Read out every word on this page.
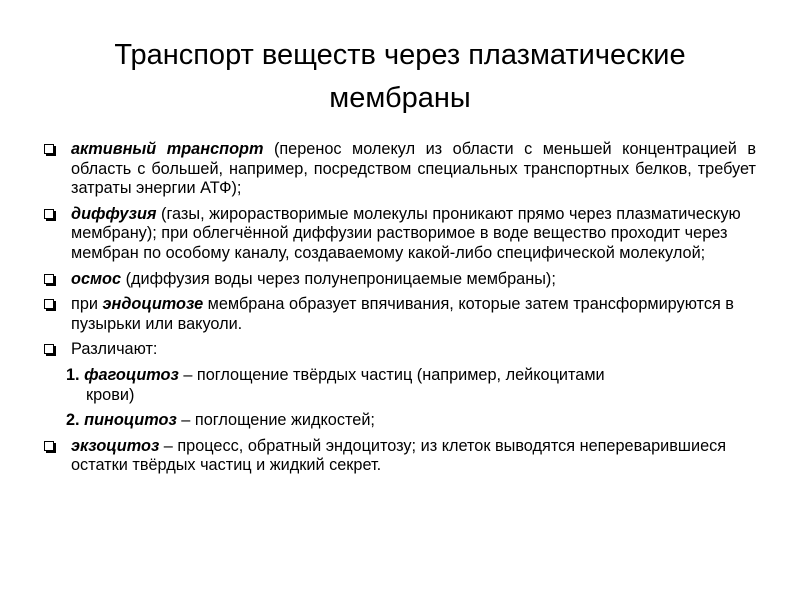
Транспорт веществ через плазматические мембраны
активный транспорт (перенос молекул из области с меньшей концентрацией в область с большей, например, посредством специальных транспортных белков, требует затраты энергии АТФ);
диффузия (газы, жирорастворимые молекулы проникают прямо через плазматическую мембрану); при облегчённой диффузии растворимое в воде вещество проходит через мембран по особому каналу, создаваемому какой-либо специфической молекулой;
осмос (диффузия воды через полунепроницаемые мембраны);
при эндоцитозе мембрана образует впячивания, которые затем трансформируются в пузырьки или вакуоли.
Различают:
1. фагоцитоз – поглощение твёрдых частиц (например, лейкоцитами
крови)
2. пиноцитоз – поглощение жидкостей;
экзоцитоз – процесс, обратный эндоцитозу; из клеток выводятся непереварившиеся остатки твёрдых частиц и жидкий секрет.
